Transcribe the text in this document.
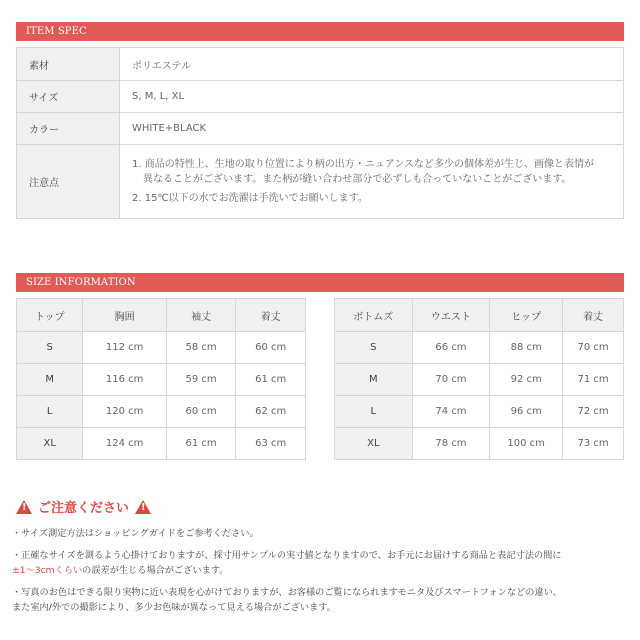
ITEM SPEC
素材	ポリエステル
サイズ	S, M, L, XL
カラー	WHITE+BLACK
注意点	1. 商品の特性上、生地の取り位置により柄の出方・ニュアンスなど多少の個体差が生じ、画像と表情が
異なることがございます。また柄が縫い合わせ部分で必ずしも合っていないことがございます。
2. 15℃以下の水でお洗濯は手洗いでお願いします。
SIZE INFORMATION
トップ	胸囲	袖丈	着丈
S	112 cm	58 cm	60 cm
M	116 cm	59 cm	61 cm
L	120 cm	60 cm	62 cm
XL	124 cm	61 cm	63 cm
ボトムズ	ウエスト	ヒップ	着丈
S	66 cm	88 cm	70 cm
M	70 cm	92 cm	71 cm
L	74 cm	96 cm	72 cm
XL	78 cm	100 cm	73 cm
!
ご注意ください
!
・サイズ測定方法はショッピングガイドをご参考ください。
・正確なサイズを測るよう心掛けておりますが、採寸用サンプルの実寸値となりますので、お手元にお届けする商品と表記寸法の間に
±1～3cmくらいの誤差が生じる場合がございます。
・写真のお色はできる限り実物に近い表現を心がけておりますが、お客様のご覧になられますモニタ及びスマートフォンなどの違い、
また室内/外での撮影により、多少お色味が異なって見える場合がございます。
